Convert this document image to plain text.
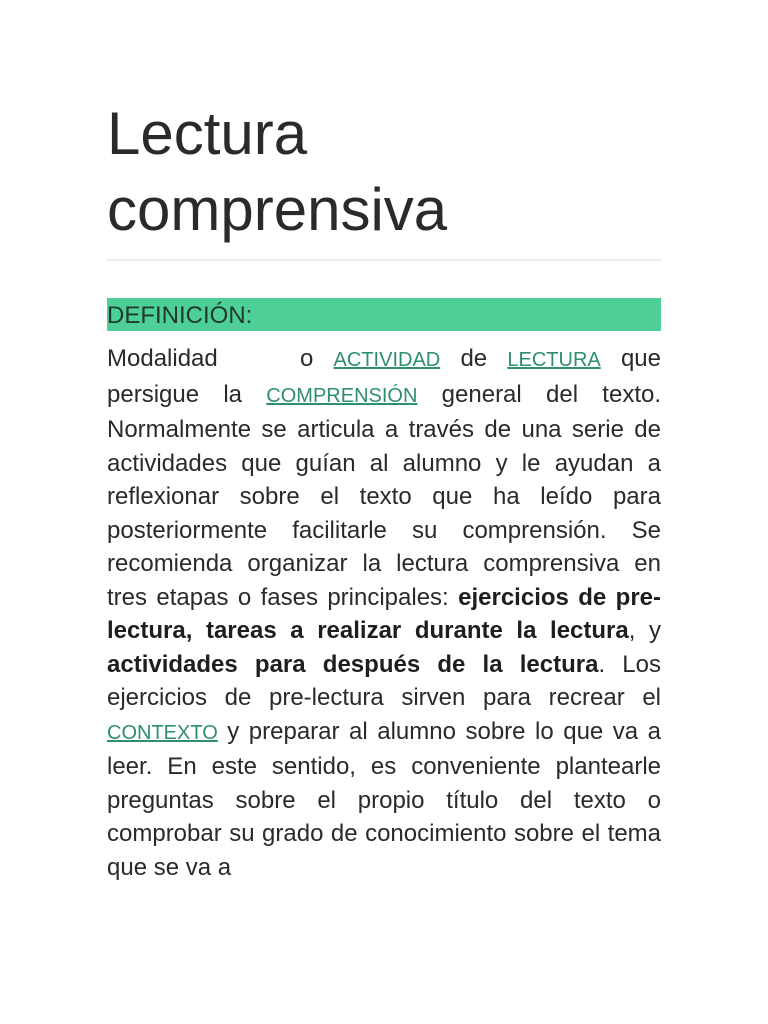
Lectura comprensiva
DEFINICIÓN:

Modalidad	o ACTIVIDAD de LECTURA que persigue la COMPRENSIÓN general del texto. Normalmente se articula a través de una serie de actividades que guían al alumno y le ayudan a reflexionar sobre el texto que ha leído para posteriormente facilitarle su comprensión. Se recomienda organizar la lectura comprensiva en tres etapas o fases principales: ejercicios de pre-lectura, tareas a realizar durante la lectura, y actividades para después de la lectura. Los ejercicios de pre-lectura sirven para recrear el CONTEXTO y preparar al alumno sobre lo que va a leer. En este sentido, es conveniente plantearle preguntas sobre el propio título del texto o comprobar su grado de conocimiento sobre el tema que se va a
